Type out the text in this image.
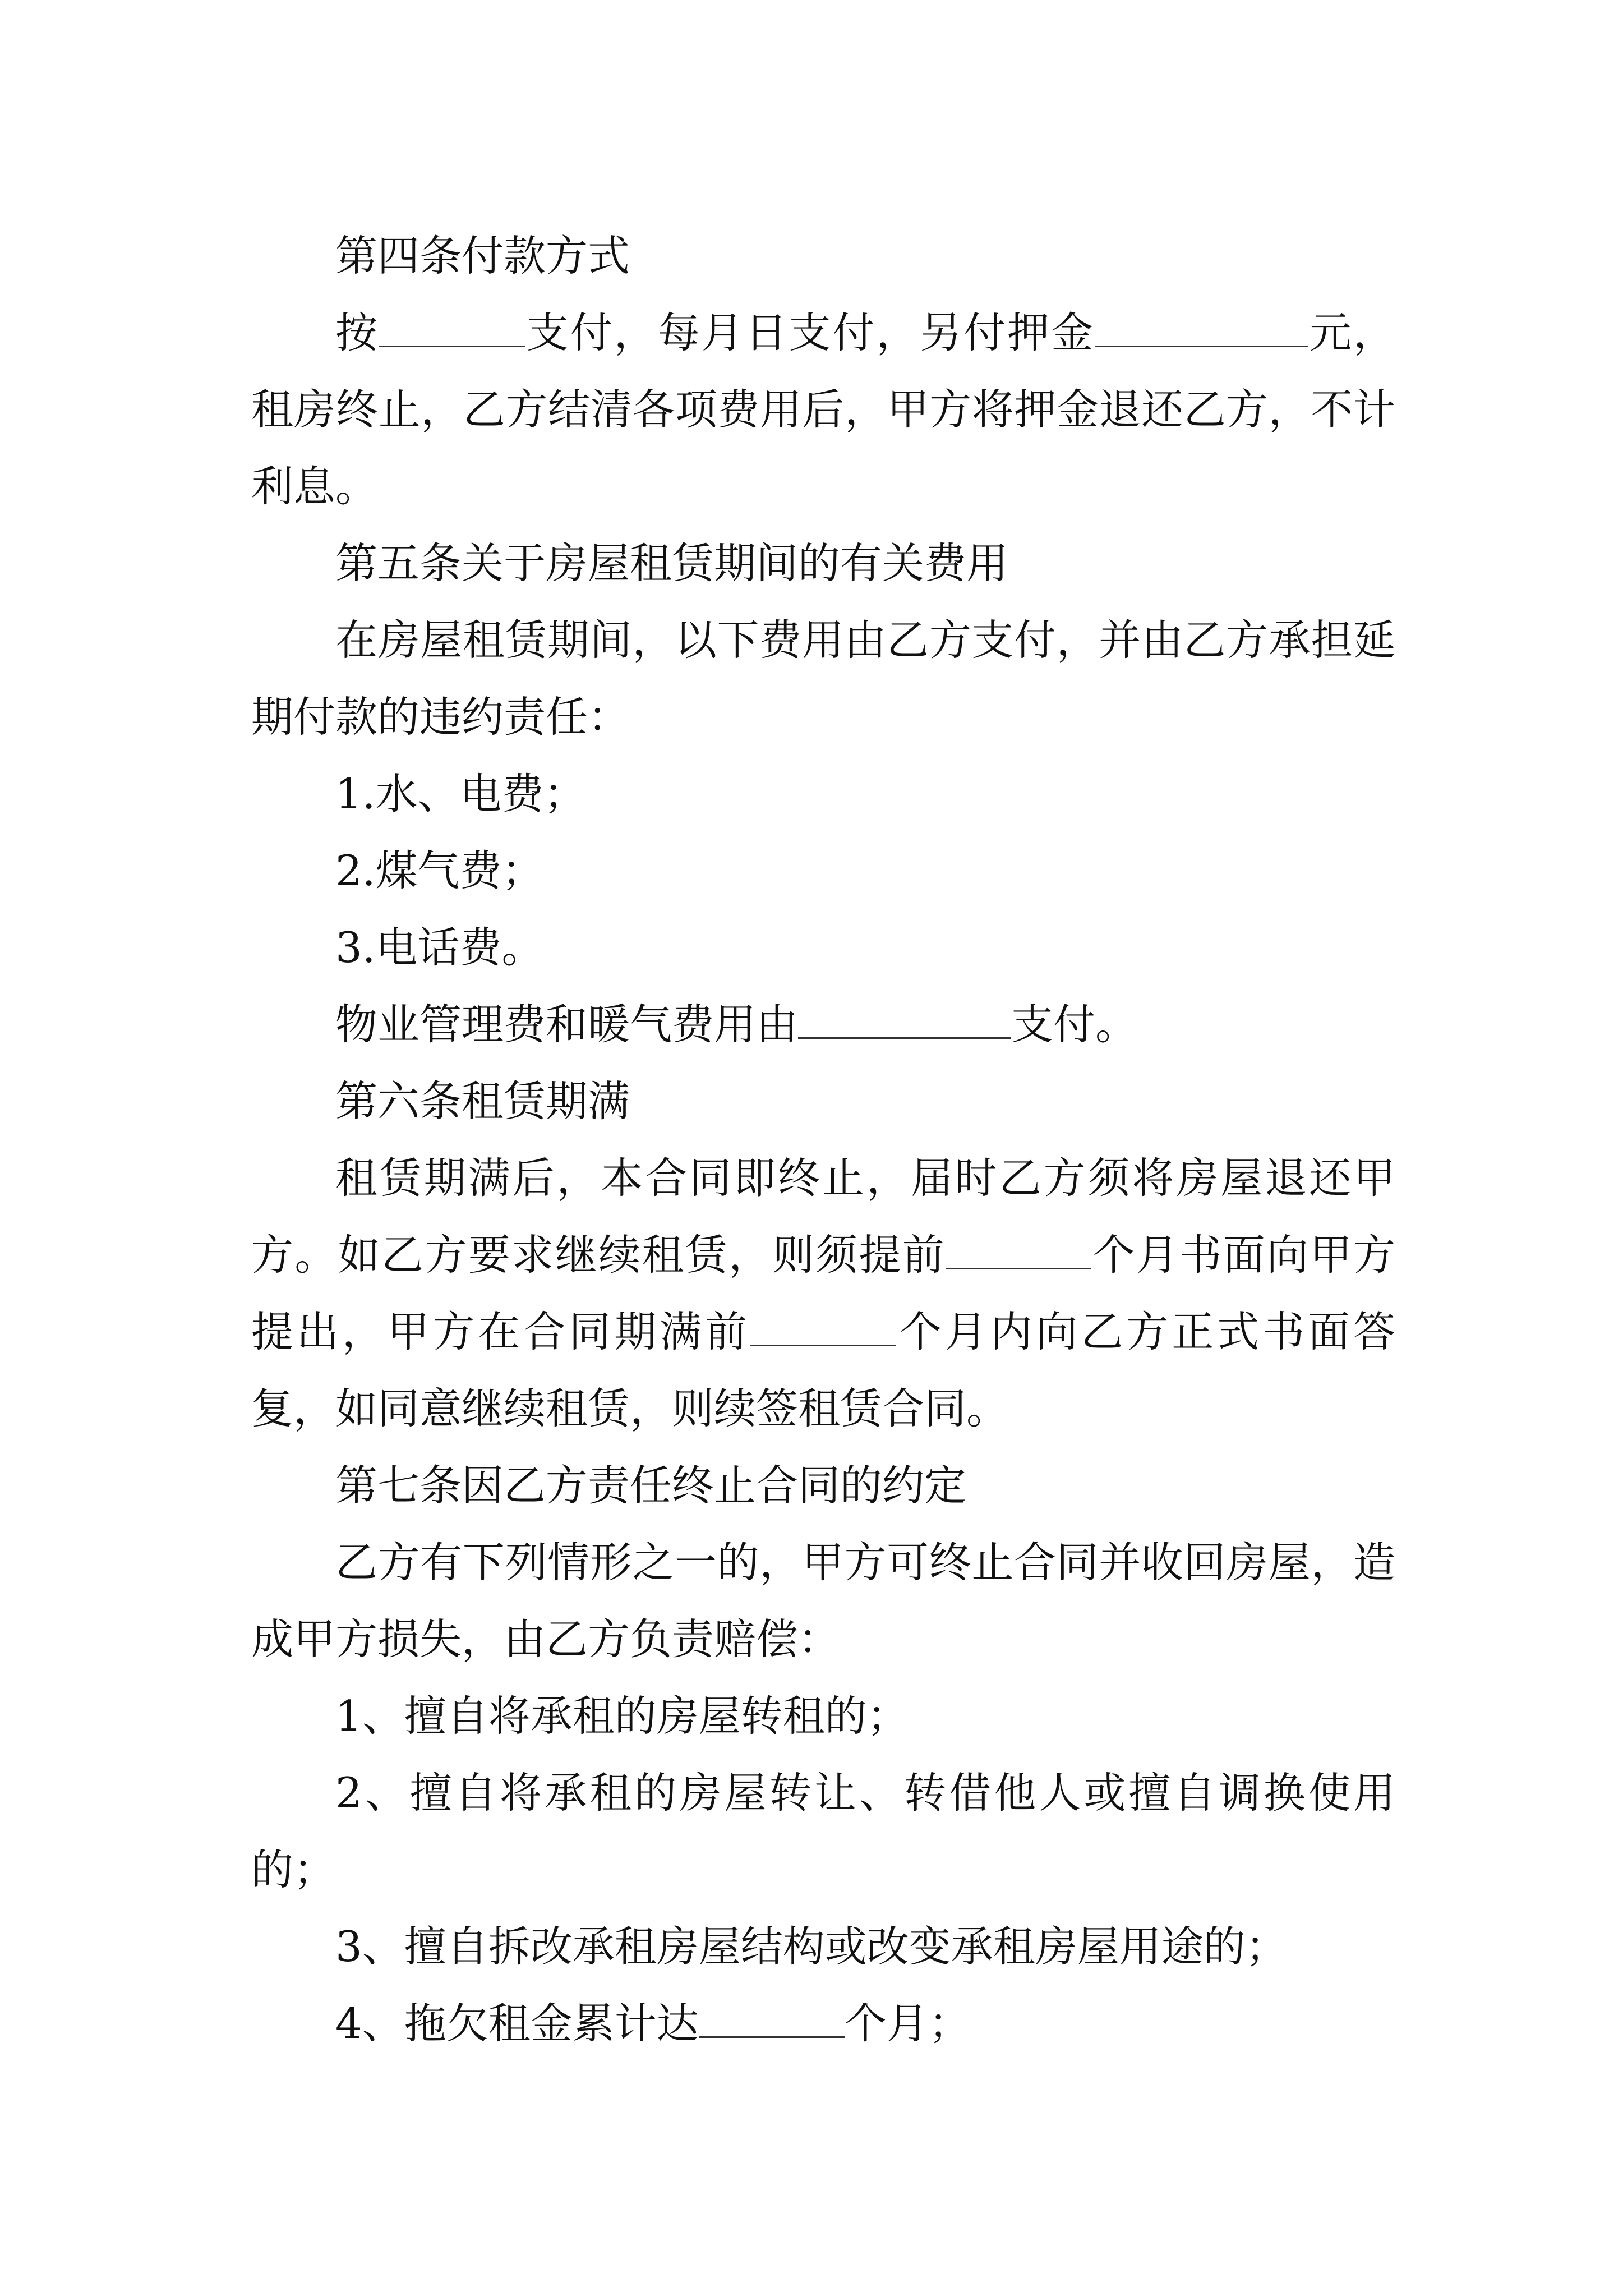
第四条付款方式

按	支付，每月日支付，另付押金	元，租房终止，乙方结清各项费用后，甲方将押金退还乙方，不计利息。

第五条关于房屋租赁期间的有关费用

在房屋租赁期间，以下费用由乙方支付，并由乙方承担延期付款的违约责任：

1.水、电费；

2.煤气费；

3.电话费。

物业管理费和暖气费用由	支付。

第六条租赁期满

租赁期满后，本合同即终止，届时乙方须将房屋退还甲方。如乙方要求继续租赁，则须提前	个月书面向甲方提出，甲方在合同期满前	个月内向乙方正式书面答复，如同意继续租赁，则续签租赁合同。

第七条因乙方责任终止合同的约定

乙方有下列情形之一的，甲方可终止合同并收回房屋，造成甲方损失，由乙方负责赔偿：

1、擅自将承租的房屋转租的；

2、擅自将承租的房屋转让、转借他人或擅自调换使用的；

3、擅自拆改承租房屋结构或改变承租房屋用途的；

4、拖欠租金累计达	个月；
